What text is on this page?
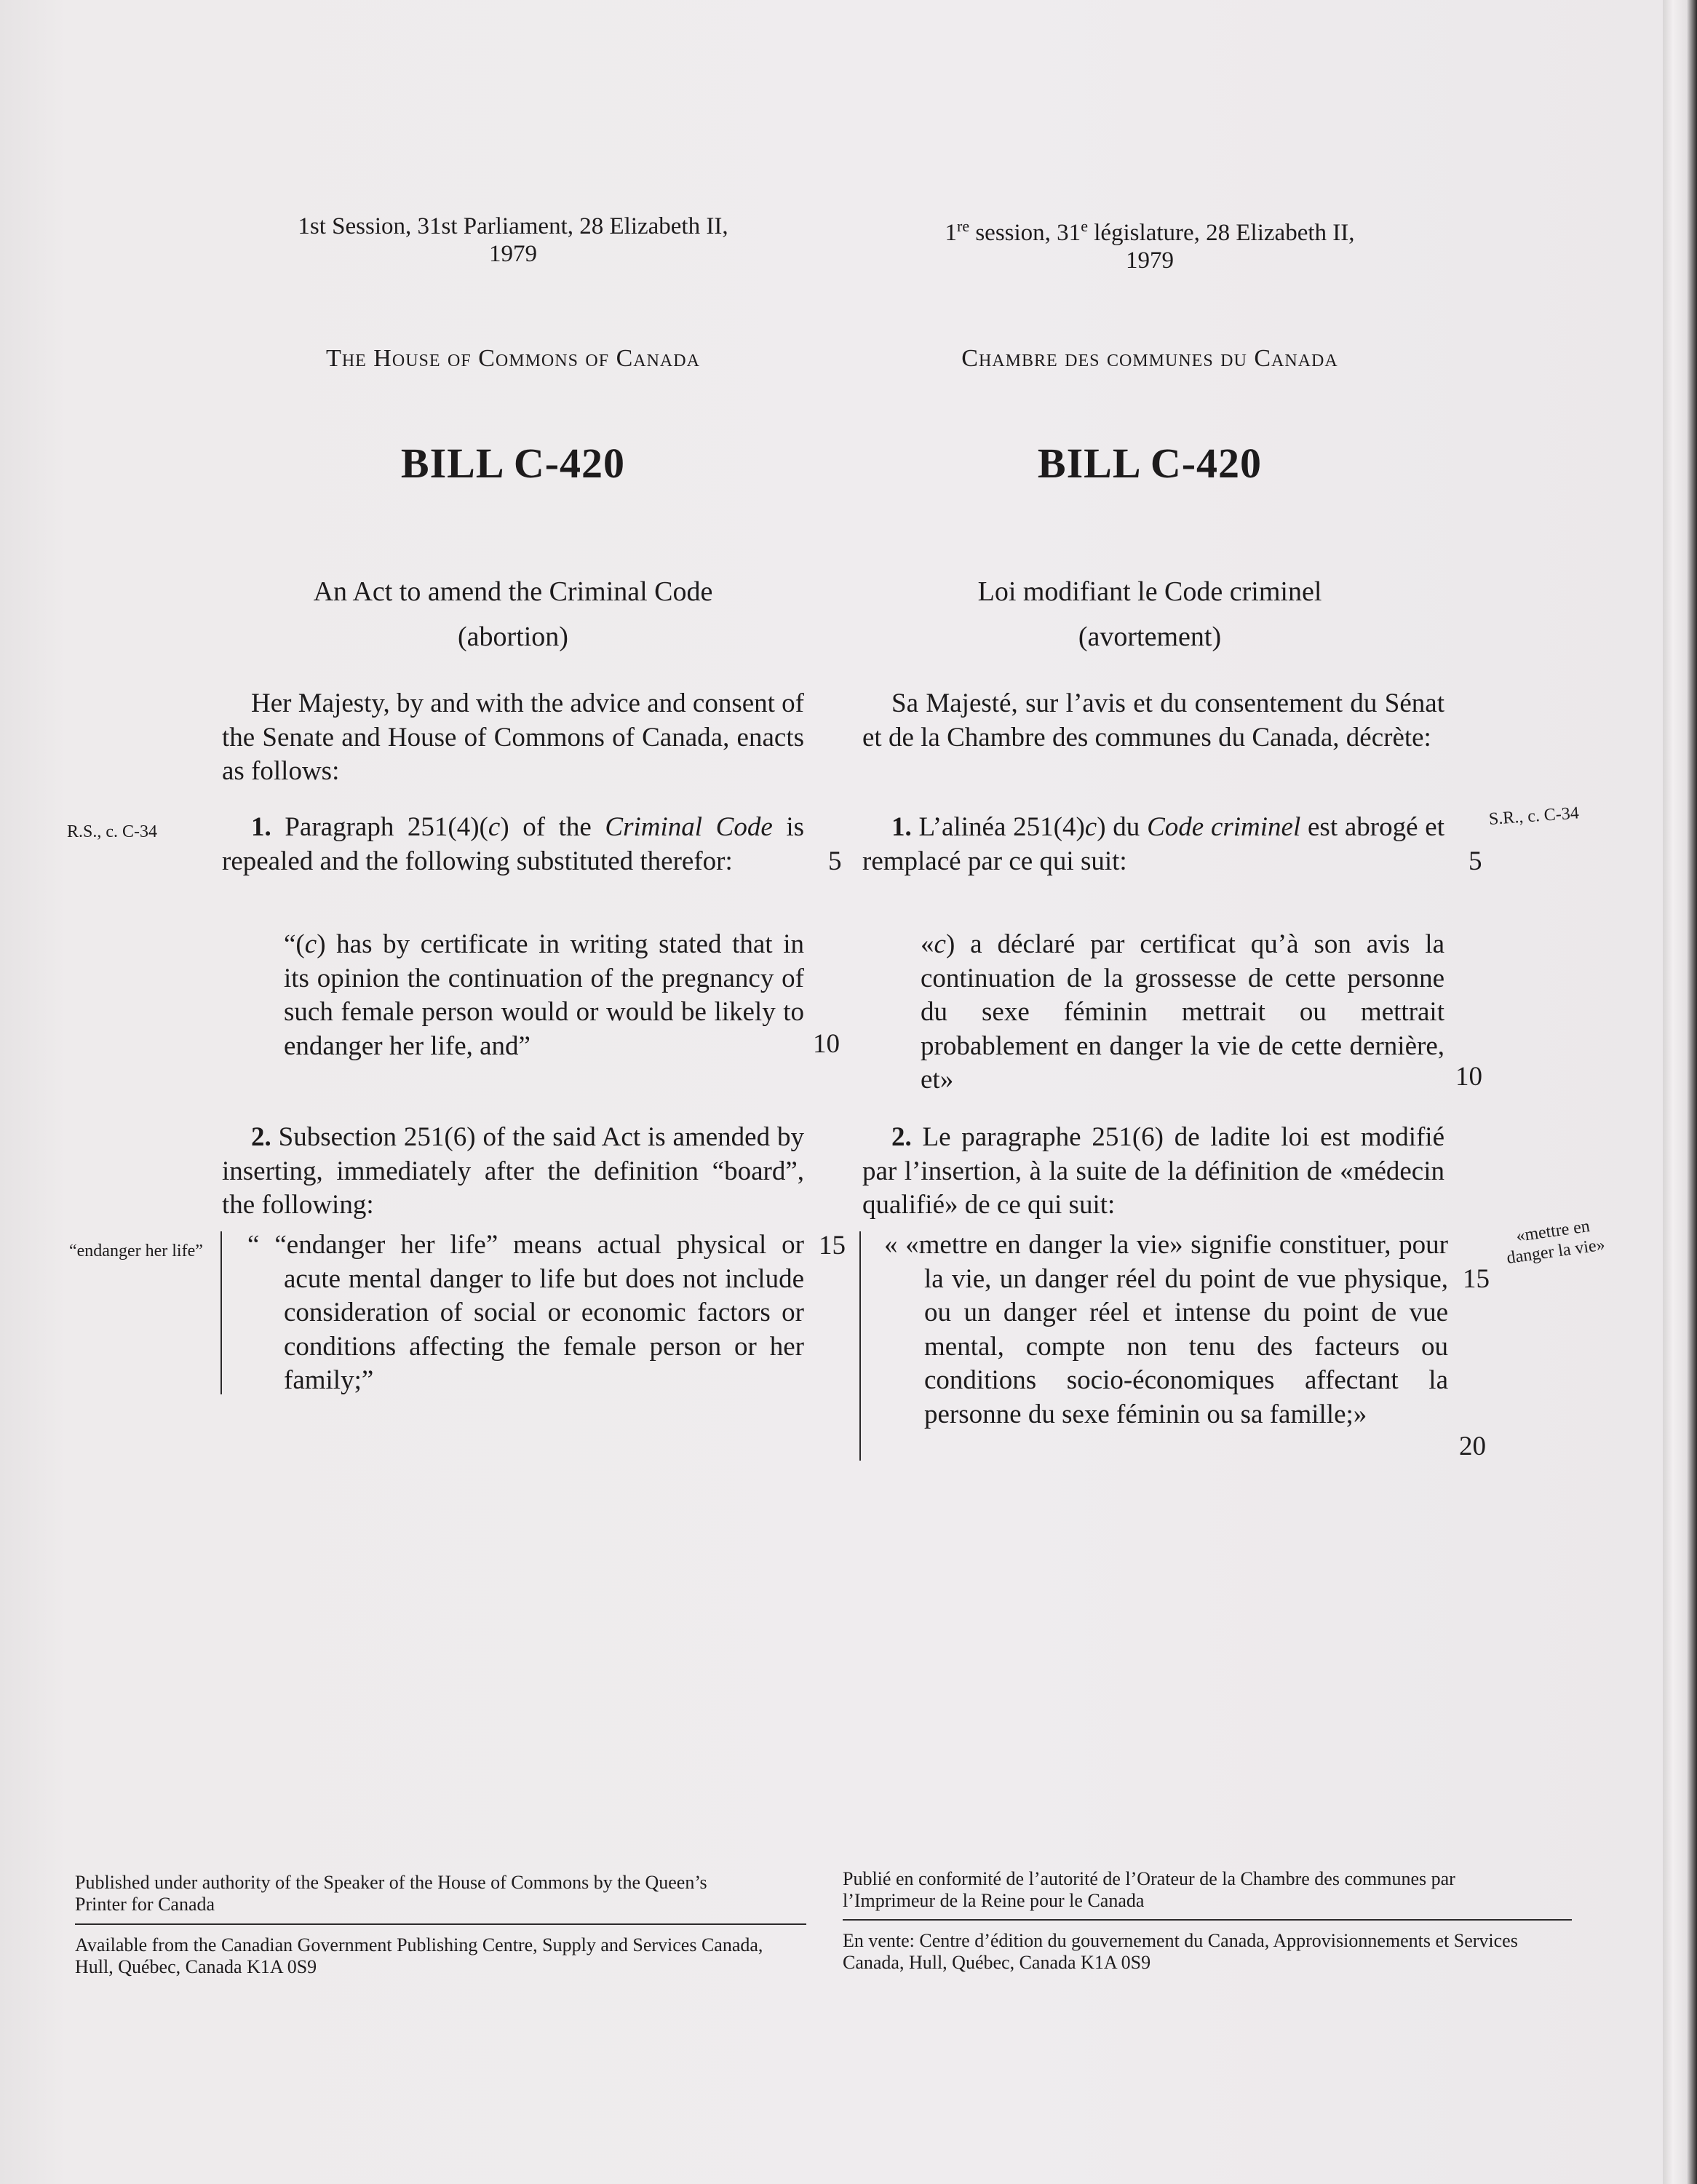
1st Session, 31st Parliament, 28 Elizabeth II,
1979
The House of Commons of Canada
BILL C-420
An Act to amend the Criminal Code
(abortion)
Her Majesty, by and with the advice and consent of the Senate and House of Commons of Canada, enacts as follows:
R.S., c. C-34	1. Paragraph 251(4)(c) of the Criminal Code is repealed and the following substituted therefor:	5
“(c) has by certificate in writing stated that in its opinion the continuation of the pregnancy of such female person would or would be likely to endanger her life, and”	10
2. Subsection 251(6) of the said Act is amended by inserting, immediately after the definition “board”, the following:
“endanger her life” “ “endanger her life” means actual physical or acute mental danger to life but does not include consideration of social or economic factors or conditions affecting the female person or her family;”
15
1re session, 31e législature, 28 Elizabeth II,
1979
Chambre des communes du Canada
BILL C-420
Loi modifiant le Code criminel
(avortement)
Sa Majesté, sur l’avis et du consentement du Sénat et de la Chambre des communes du Canada, décrète:
S.R., c. C-34
1. L’alinéa 251(4)c) du Code criminel est abrogé et remplacé par ce qui suit:	5
«c) a déclaré par certificat qu’à son avis la continuation de la grossesse de cette personne du sexe féminin mettrait ou mettrait probablement en danger la vie de cette dernière, et»	10
2. Le paragraphe 251(6) de ladite loi est modifié par l’insertion, à la suite de la définition de «médecin qualifié» de ce qui suit:
«mettre en danger la vie»
« «mettre en danger la vie» signifie constituer, pour la vie, un danger réel du point de vue physique, ou un danger réel et intense du point de vue mental, compte non tenu des facteurs ou conditions socio-économiques affectant la personne du sexe féminin ou sa famille;»
15
20
Published under authority of the Speaker of the House of Commons by the Queen’s Printer for Canada
Available from the Canadian Government Publishing Centre, Supply and Services Canada, Hull, Québec, Canada K1A 0S9
Publié en conformité de l’autorité de l’Orateur de la Chambre des communes par l’Imprimeur de la Reine pour le Canada
En vente: Centre d’édition du gouvernement du Canada, Approvisionnements et Services Canada, Hull, Québec, Canada K1A 0S9
